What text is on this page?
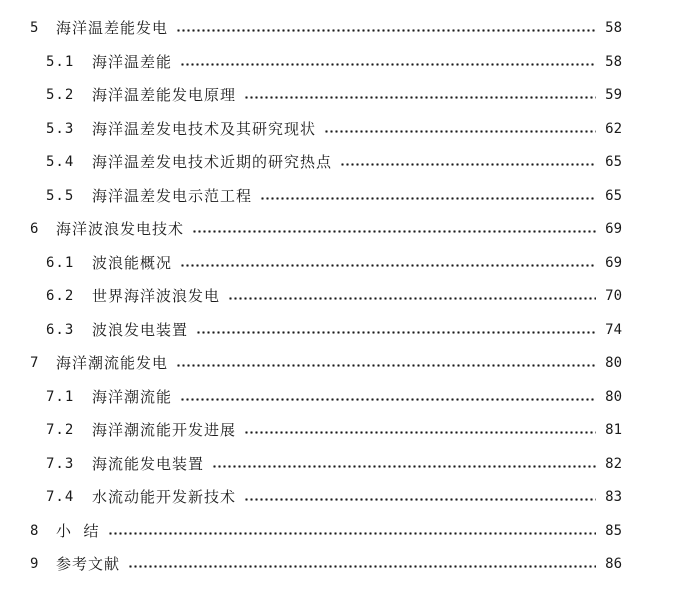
5	海洋温差能发电	58
5.1	海洋温差能	58
5.2	海洋温差能发电原理	59
5.3	海洋温差发电技术及其研究现状	62
5.4	海洋温差发电技术近期的研究热点	65
5.5	海洋温差发电示范工程	65
6	海洋波浪发电技术	69
6.1	波浪能概况	69
6.2	世界海洋波浪发电	70
6.3	波浪发电装置	74
7	海洋潮流能发电	80
7.1	海洋潮流能	80
7.2	海洋潮流能开发进展	81
7.3	海流能发电装置	82
7.4	水流动能开发新技术	83
8	小  结	85
9	参考文献	86
